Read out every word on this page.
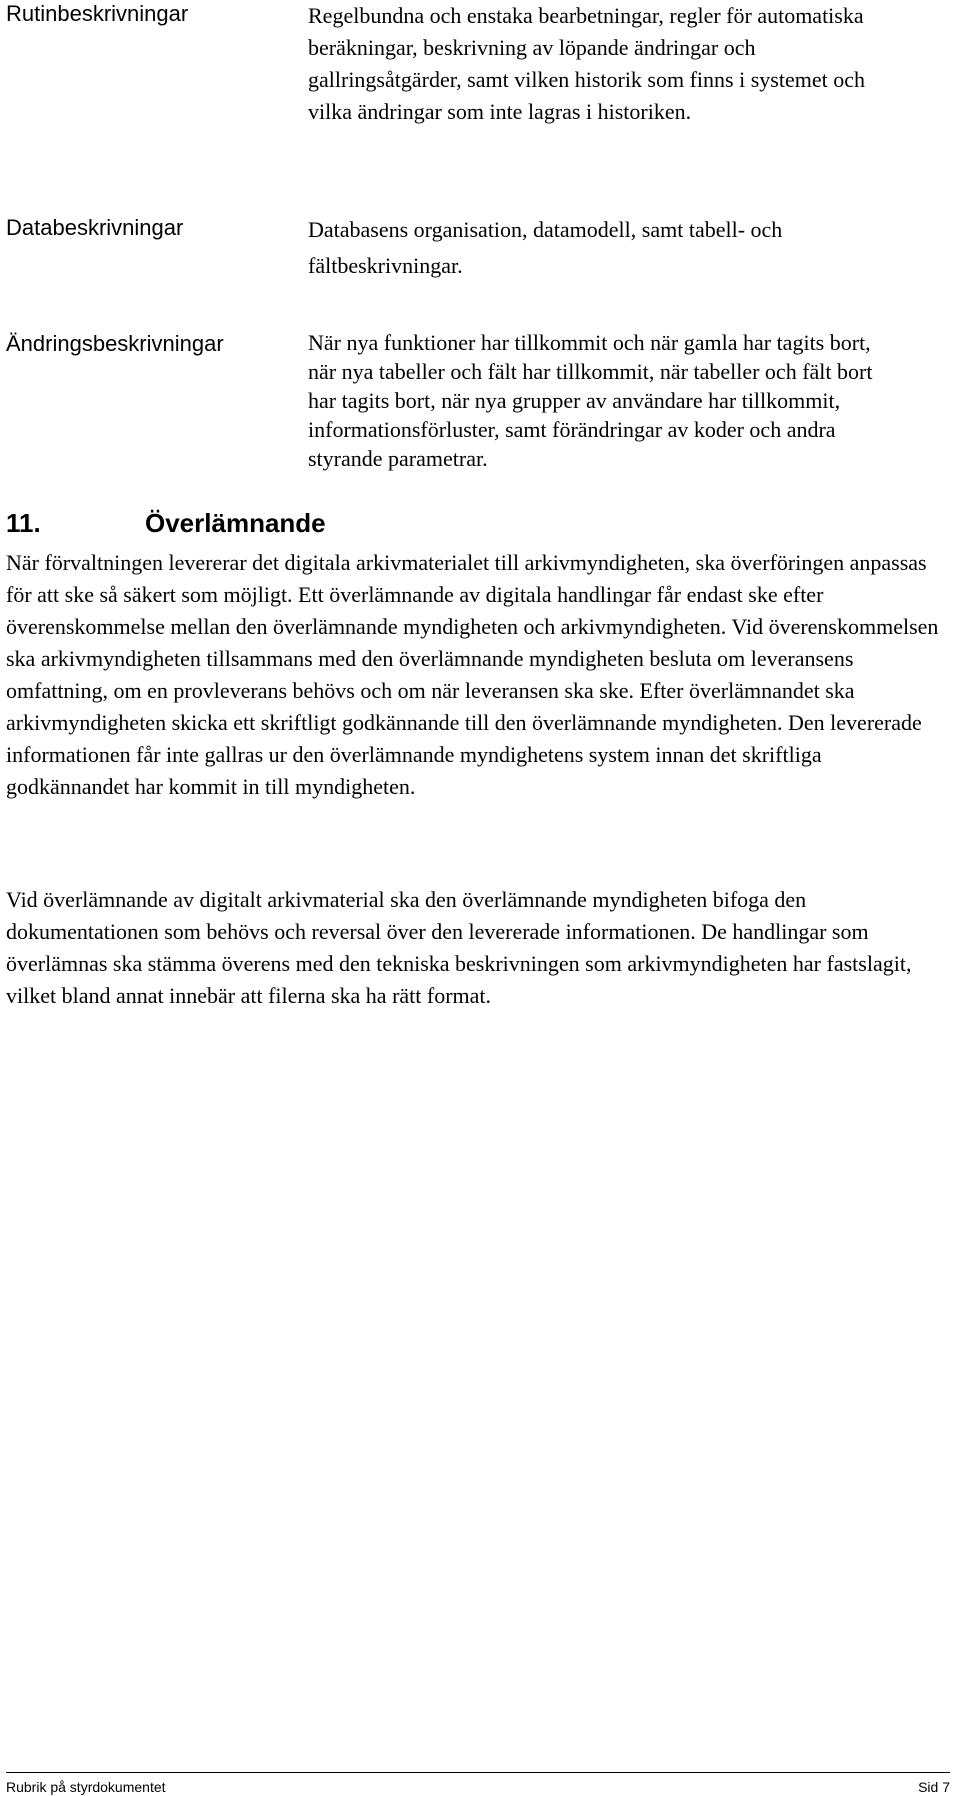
Rutinbeskrivningar	Regelbundna och enstaka bearbetningar, regler för automatiska beräkningar, beskrivning av löpande ändringar och gallringsåtgärder, samt vilken historik som finns i systemet och vilka ändringar som inte lagras i historiken.
Databeskrivningar	Databasens organisation, datamodell, samt tabell- och fältbeskrivningar.
Ändringsbeskrivningar	När nya funktioner har tillkommit och när gamla har tagits bort, när nya tabeller och fält har tillkommit, när tabeller och fält bort har tagits bort, när nya grupper av användare har tillkommit, informationsförluster, samt förändringar av koder och andra styrande parametrar.
11.	Överlämnande

När förvaltningen levererar det digitala arkivmaterialet till arkivmyndigheten, ska överföringen anpassas för att ske så säkert som möjligt. Ett överlämnande av digitala handlingar får endast ske efter överenskommelse mellan den överlämnande myndigheten och arkivmyndigheten. Vid överenskommelsen ska arkivmyndigheten tillsammans med den överlämnande myndigheten besluta om leveransens omfattning, om en provleverans behövs och om när leveransen ska ske. Efter överlämnandet ska arkivmyndigheten skicka ett skriftligt godkännande till den överlämnande myndigheten. Den levererade informationen får inte gallras ur den överlämnande myndighetens system innan det skriftliga godkännandet har kommit in till myndigheten.

Vid överlämnande av digitalt arkivmaterial ska den överlämnande myndigheten bifoga den dokumentationen som behövs och reversal över den levererade informationen. De handlingar som överlämnas ska stämma överens med den tekniska beskrivningen som arkivmyndigheten har fastslagit, vilket bland annat innebär att filerna ska ha rätt format.

Rubrik på styrdokumentet	Sid 7
